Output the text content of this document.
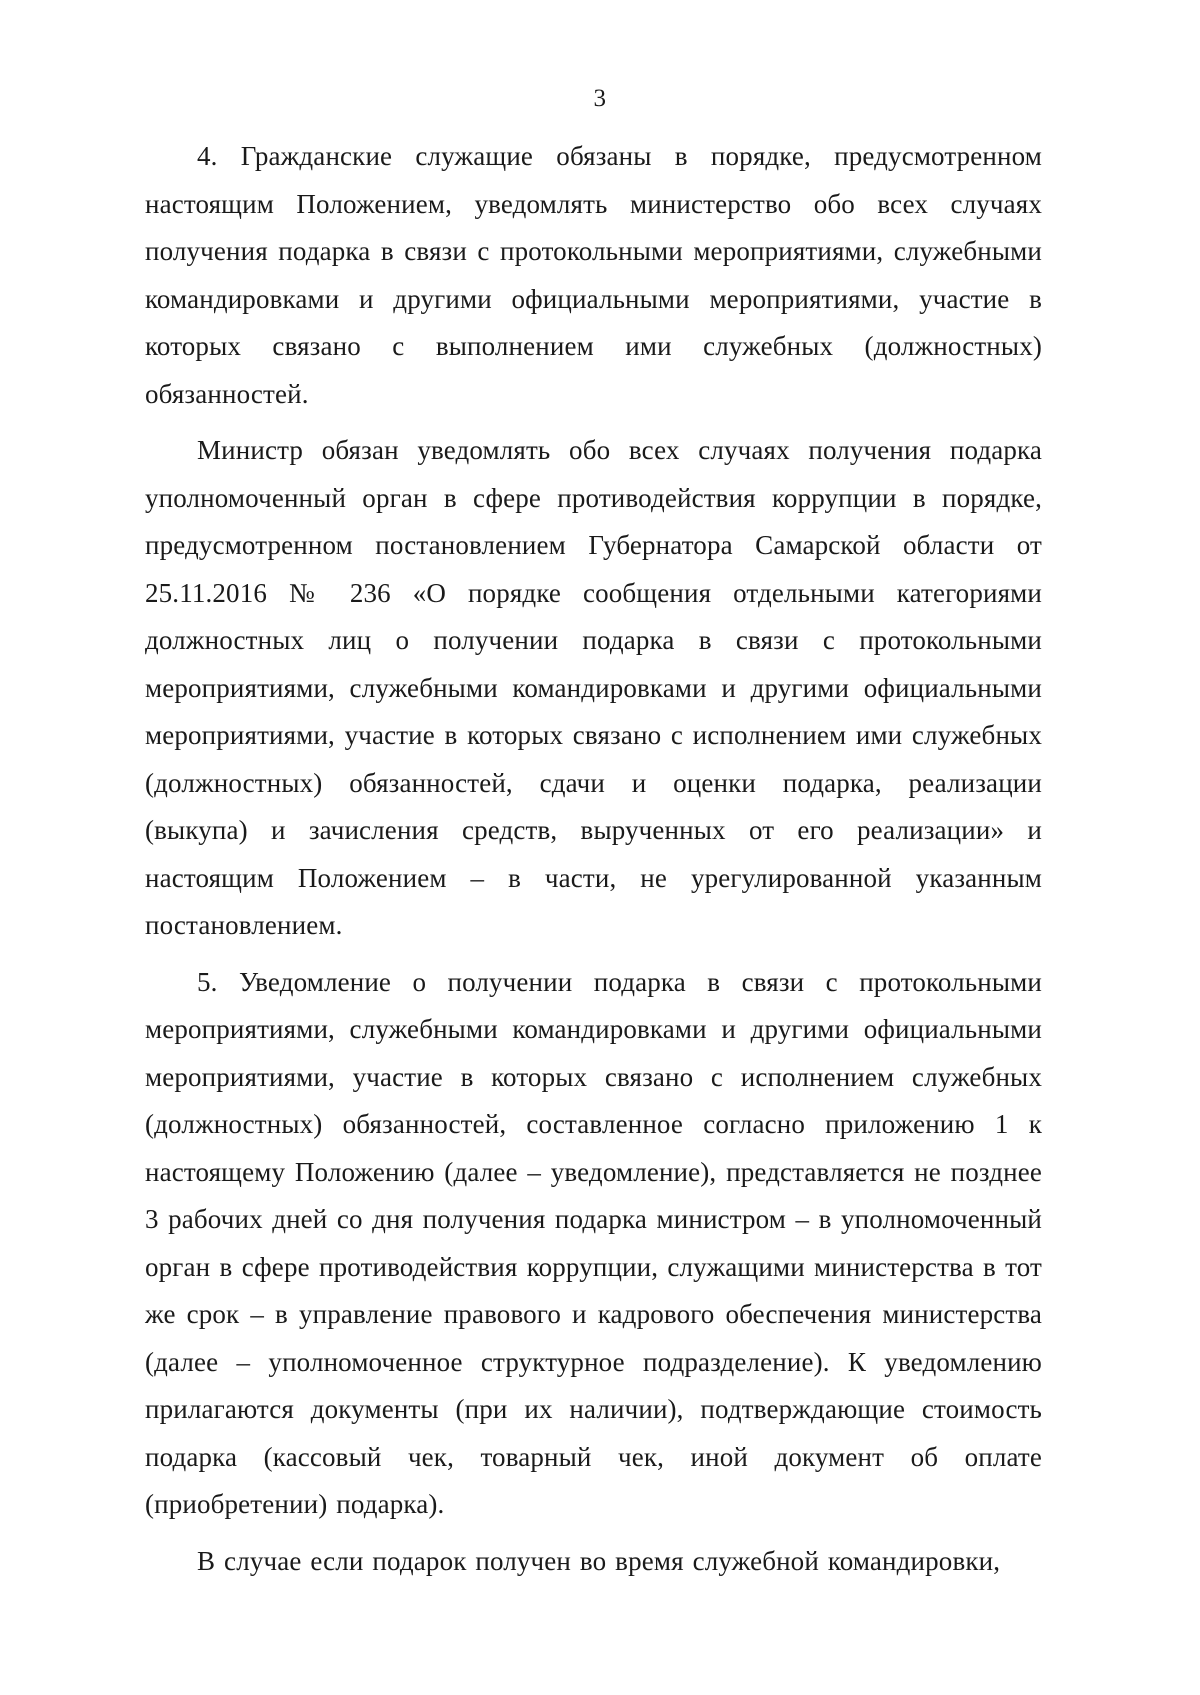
3

4. Гражданские служащие обязаны в порядке, предусмотренном настоящим Положением, уведомлять министерство обо всех случаях получения подарка в связи с протокольными мероприятиями, служебными командировками и другими официальными мероприятиями, участие в которых связано с выполнением ими служебных (должностных) обязанностей.

Министр обязан уведомлять обо всех случаях получения подарка уполномоченный орган в сфере противодействия коррупции в порядке, предусмотренном постановлением Губернатора Самарской области от 25.11.2016 № 236 «О порядке сообщения отдельными категориями должностных лиц о получении подарка в связи с протокольными мероприятиями, служебными командировками и другими официальными мероприятиями, участие в которых связано с исполнением ими служебных (должностных) обязанностей, сдачи и оценки подарка, реализации (выкупа) и зачисления средств, вырученных от его реализации» и настоящим Положением – в части, не урегулированной указанным постановлением.

5. Уведомление о получении подарка в связи с протокольными мероприятиями, служебными командировками и другими официальными мероприятиями, участие в которых связано с исполнением служебных (должностных) обязанностей, составленное согласно приложению 1 к настоящему Положению (далее – уведомление), представляется не позднее 3 рабочих дней со дня получения подарка министром – в уполномоченный орган в сфере противодействия коррупции, служащими министерства в тот же срок – в управление правового и кадрового обеспечения министерства (далее – уполномоченное структурное подразделение). К уведомлению прилагаются документы (при их наличии), подтверждающие стоимость подарка (кассовый чек, товарный чек, иной документ об оплате (приобретении) подарка).

В случае если подарок получен во время служебной командировки,
